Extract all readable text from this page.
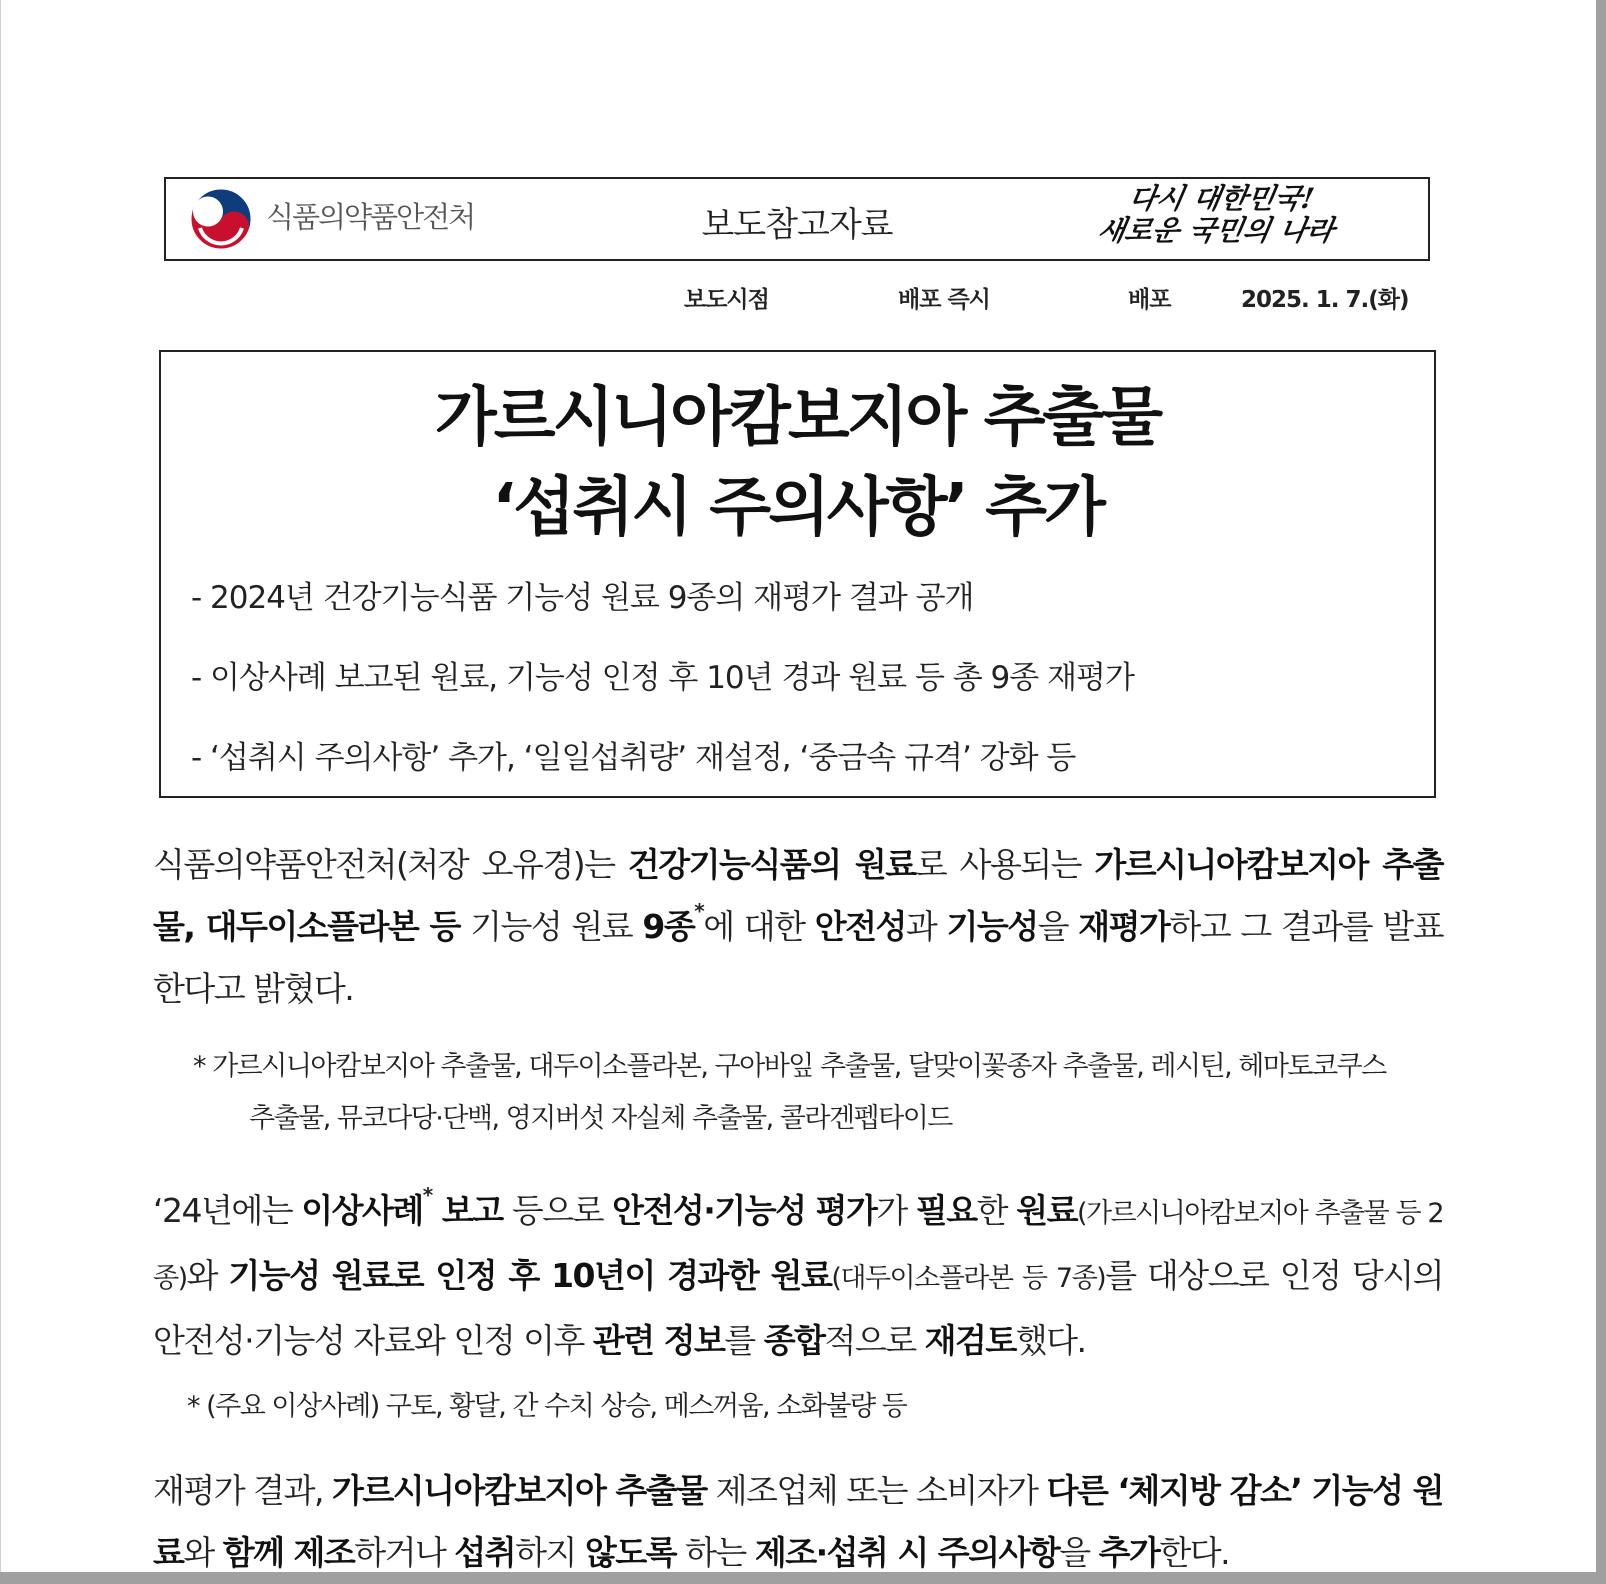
식품의약품안전처	보도참고자료
다시 대한민국!
새로운 국민의 나라
보도시점	배포 즉시	배포	2025. 1. 7.(화)
가르시니아캄보지아 추출물
‘섭취시 주의사항’ 추가
- 2024년 건강기능식품 기능성 원료 9종의 재평가 결과 공개
- 이상사례 보고된 원료, 기능성 인정 후 10년 경과 원료 등 총 9종 재평가
- ‘섭취시 주의사항’ 추가, ‘일일섭취량’ 재설정, ‘중금속 규격’ 강화 등
식품의약품안전처(처장 오유경)는 건강기능식품의 원료로 사용되는 가르시니아캄보지아 추출물, 대두이소플라본 등 기능성 원료 9종*에 대한 안전성과 기능성을 재평가하고 그 결과를 발표한다고 밝혔다.
* 가르시니아캄보지아 추출물, 대두이소플라본, 구아바잎 추출물, 달맞이꽃종자 추출물, 레시틴, 헤마토코쿠스
추출물, 뮤코다당·단백, 영지버섯 자실체 추출물, 콜라겐펩타이드
‘24년에는 이상사례* 보고 등으로 안전성·기능성 평가가 필요한 원료(가르시니아캄보지아 추출물 등 2종)와 기능성 원료로 인정 후 10년이 경과한 원료(대두이소플라본 등 7종)를 대상으로 인정 당시의 안전성·기능성 자료와 인정 이후 관련 정보를 종합적으로 재검토했다.
* (주요 이상사례) 구토, 황달, 간 수치 상승, 메스꺼움, 소화불량 등
재평가 결과, 가르시니아캄보지아 추출물 제조업체 또는 소비자가 다른 ‘체지방 감소’ 기능성 원료와 함께 제조하거나 섭취하지 않도록 하는 제조·섭취 시 주의사항을 추가한다.
